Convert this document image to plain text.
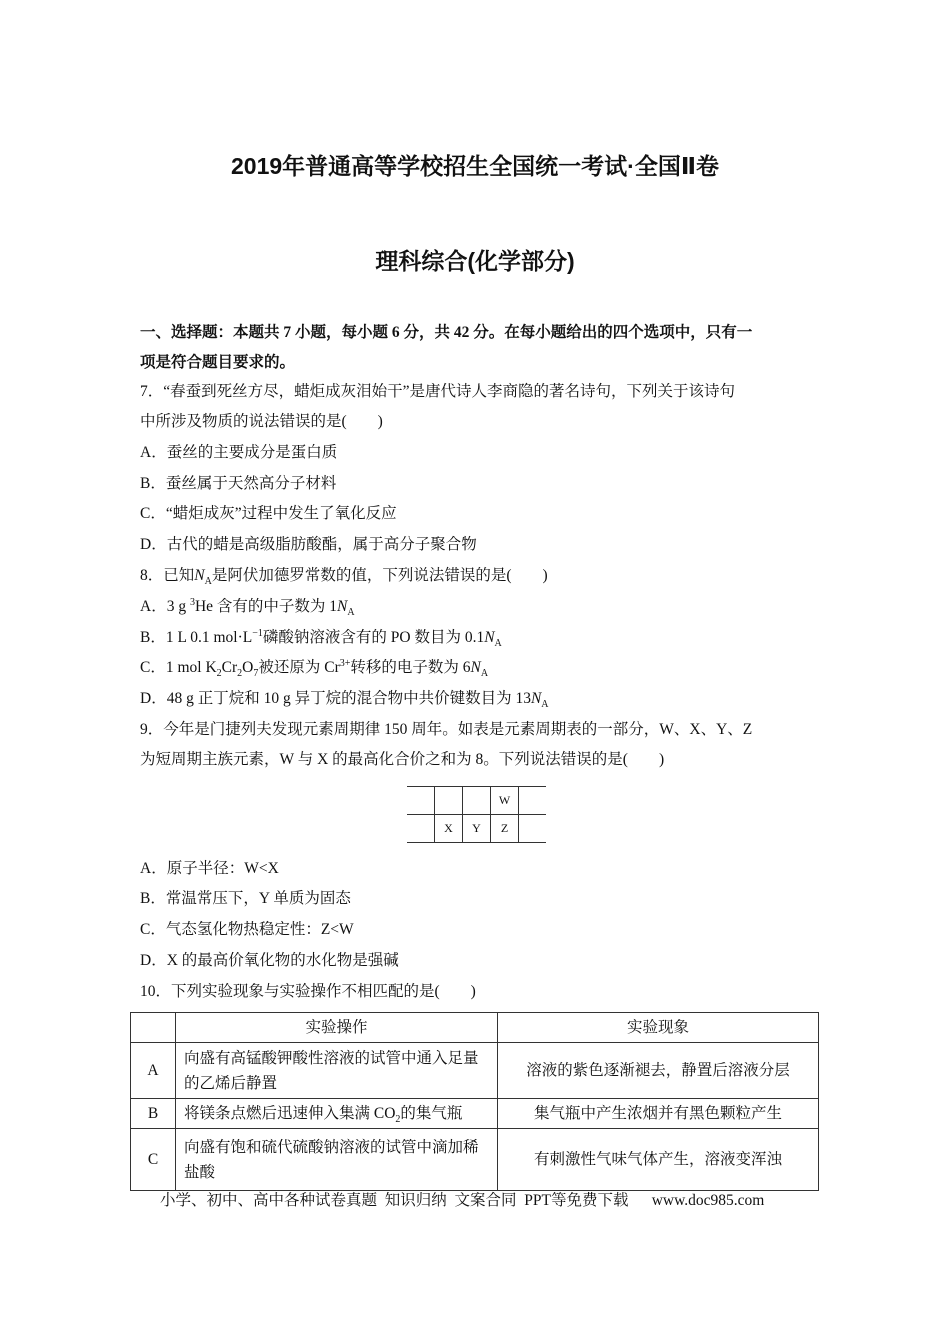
2019年普通高等学校招生全国统一考试·全国Ⅱ卷
理科综合(化学部分)
一、选择题：本题共 7 小题，每小题 6 分，共 42 分。在每小题给出的四个选项中，只有一
项是符合题目要求的。
7．“春蚕到死丝方尽，蜡炬成灰泪始干”是唐代诗人李商隐的著名诗句，下列关于该诗句
中所涉及物质的说法错误的是(　　)
A．蚕丝的主要成分是蛋白质
B．蚕丝属于天然高分子材料
C．“蜡炬成灰”过程中发生了氧化反应
D．古代的蜡是高级脂肪酸酯，属于高分子聚合物
8．已知$N_A$是阿伏加德罗常数的值，下列说法错误的是(　　)
A．3 g $^3$He 含有的中子数为 $1N_A$
B．1 L 0.1 $mol\cdot L^{-1}$磷酸钠溶液含有的 PO 数目为 $0.1N_A$
C．1 mol $K_2Cr_2O_7$被还原为 $Cr^{3+}$转移的电子数为 $6N_A$
D．48 g 正丁烷和 10 g 异丁烷的混合物中共价键数目为 $13N_A$
9．今年是门捷列夫发现元素周期律 150 周年。如表是元素周期表的一部分，W、X、Y、Z
为短周期主族元素，W 与 X 的最高化合价之和为 8。下列说法错误的是(　　)
			W	
	X	Y	Z	
A．原子半径：W<X
B．常温常压下，Y 单质为固态
C．气态氢化物热稳定性：Z<W
D．X 的最高价氧化物的水化物是强碱
10．下列实验现象与实验操作不相匹配的是(　　)
	实验操作	实验现象
A	向盛有高锰酸钾酸性溶液的试管中通入足量的乙烯后静置	溶液的紫色逐渐褪去，静置后溶液分层
B	将镁条点燃后迅速伸入集满 $CO_2$的集气瓶	集气瓶中产生浓烟并有黑色颗粒产生
C	向盛有饱和硫代硫酸钠溶液的试管中滴加稀盐酸	有刺激性气味气体产生，溶液变浑浊
小学、初中、高中各种试卷真题  知识归纳  文案合同  PPT等免费下载      www.doc985.com
